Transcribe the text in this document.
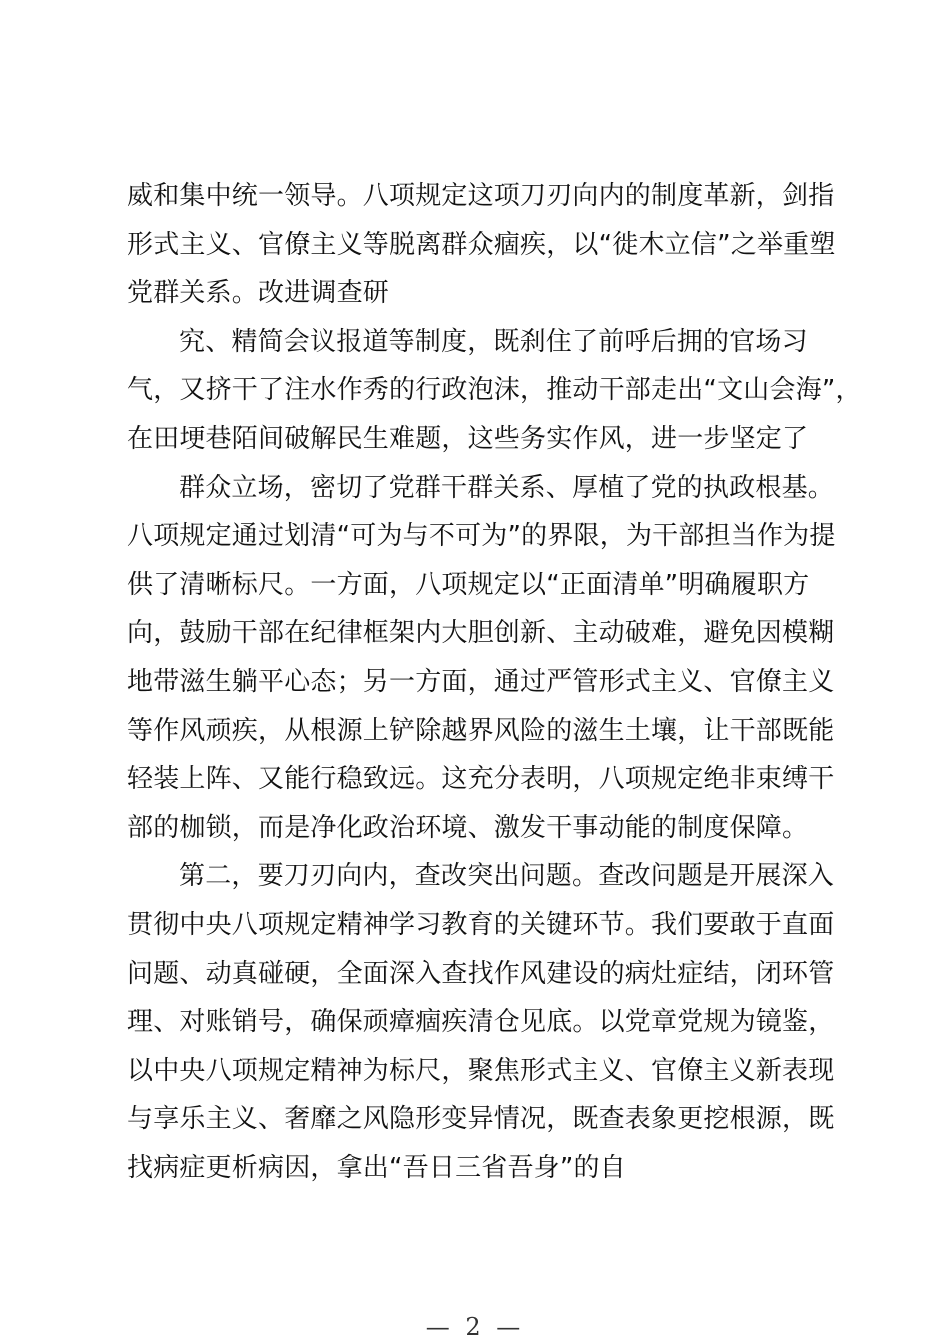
威和集中统一领导。八项规定这项刀刃向内的制度革新，剑指
形式主义、官僚主义等脱离群众痼疾，以“徙木立信”之举重塑
党群关系。改进调查研
究、精简会议报道等制度，既刹住了前呼后拥的官场习
气，又挤干了注水作秀的行政泡沫，推动干部走出“文山会海”，
在田埂巷陌间破解民生难题，这些务实作风，进一步坚定了
群众立场，密切了党群干群关系、厚植了党的执政根基。
八项规定通过划清“可为与不可为”的界限，为干部担当作为提
供了清晰标尺。一方面，八项规定以“正面清单”明确履职方
向，鼓励干部在纪律框架内大胆创新、主动破难，避免因模糊
地带滋生躺平心态；另一方面，通过严管形式主义、官僚主义
等作风顽疾，从根源上铲除越界风险的滋生土壤，让干部既能
轻装上阵、又能行稳致远。这充分表明，八项规定绝非束缚干
部的枷锁，而是净化政治环境、激发干事动能的制度保障。
第二，要刀刃向内，查改突出问题。查改问题是开展深入
贯彻中央八项规定精神学习教育的关键环节。我们要敢于直面
问题、动真碰硬，全面深入查找作风建设的病灶症结，闭环管
理、对账销号，确保顽瘴痼疾清仓见底。以党章党规为镜鉴，
以中央八项规定精神为标尺，聚焦形式主义、官僚主义新表现
与享乐主义、奢靡之风隐形变异情况，既查表象更挖根源，既
找病症更析病因，拿出“吾日三省吾身”的自
— 2 —
